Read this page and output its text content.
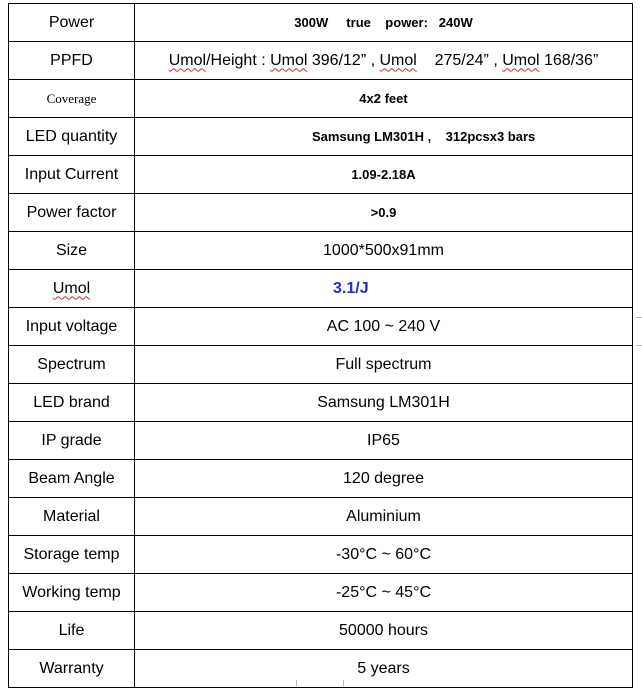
Power	300W     true    power:   240W
PPFD	Umol/Height : Umol 396/12” , Umol    275/24” , Umol 168/36”
Coverage	4x2 feet
LED quantity	Samsung LM301H ,    312pcsx3 bars
Input Current	1.09-2.18A
Power factor	>0.9
Size	1000*500x91mm
Umol	3.1/J
Input voltage	AC 100 ~ 240 V
Spectrum	Full spectrum
LED brand	Samsung LM301H
IP grade	IP65
Beam Angle	120 degree
Material	Aluminium
Storage temp	-30°C ~ 60°C
Working temp	-25°C ~ 45°C
Life	50000 hours
Warranty	5 years
